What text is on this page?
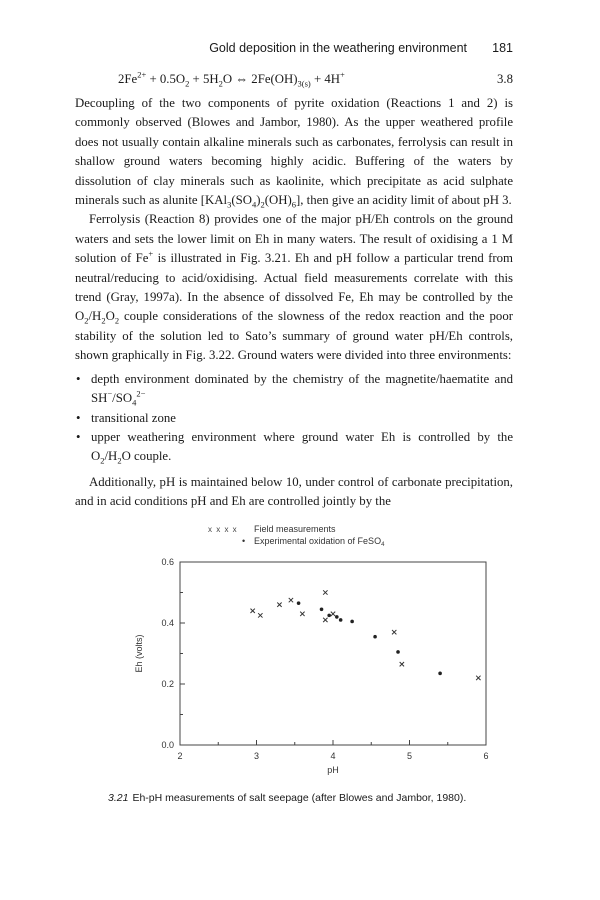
Gold deposition in the weathering environment 181
$2Fe^{2+} + 0.5O_2 + 5H_2O$ ⇔ $2Fe(OH)_{3(s)} + 4H^+$	3.8

Decoupling of the two components of pyrite oxidation (Reactions 1 and 2) is commonly observed (Blowes and Jambor, 1980). As the upper weathered profile does not usually contain alkaline minerals such as carbonates, ferrolysis can result in shallow ground waters becoming highly acidic. Buffering of the waters by dissolution of clay minerals such as kaolinite, which precipitate as acid sulphate minerals such as alunite $[KAl_3(SO_4)_2(OH)_6]$, then give an acidity limit of about pH 3.

Ferrolysis (Reaction 8) provides one of the major pH/Eh controls on the ground waters and sets the lower limit on Eh in many waters. The result of oxidising a 1 M solution of Fe+ is illustrated in Fig. 3.21. Eh and pH follow a particular trend from neutral/reducing to acid/oxidising. Actual field measurements correlate with this trend (Gray, 1997a). In the absence of dissolved Fe, Eh may be controlled by the $O_2/H_2O_2$ couple considerations of the slowness of the redox reaction and the poor stability of the solution led to Sato’s summary of ground water pH/Eh controls, shown graphically in Fig. 3.22. Ground waters were divided into three environments:

• depth environment dominated by the chemistry of the magnetite/haematite and $SH^-/SO_4^{2-}$
• transitional zone
• upper weathering environment where ground water Eh is controlled by the $O_2/H_2O$ couple.

Additionally, pH is maintained below 10, under control of carbonate precipitation, and in acid conditions pH and Eh are controlled jointly by the

2	3	4	5	6
0.0
0.2
0.4
0.6
pH
Eh (volts)
x x x x Field measurements
• Experimental oxidation of FeSO$_4$
3.21 Eh-pH measurements of salt seepage (after Blowes and Jambor, 1980).
